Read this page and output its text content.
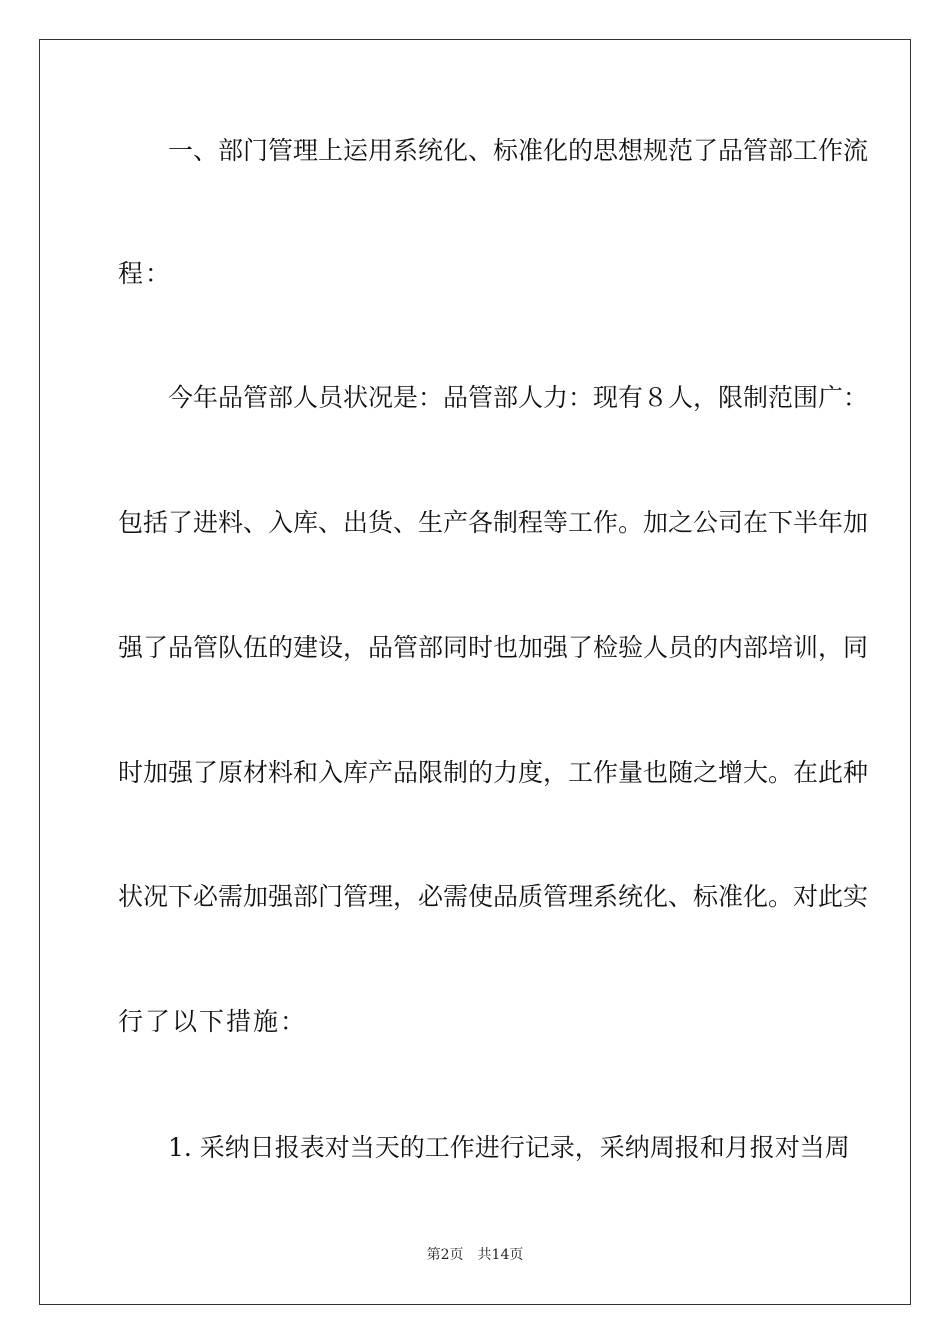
一、部门管理上运用系统化、标准化的思想规范了品管部工作流
程：
今年品管部人员状况是：品管部人力：现有８人，限制范围广：
包括了进料、入库、出货、生产各制程等工作。加之公司在下半年加
强了品管队伍的建设，品管部同时也加强了检验人员的内部培训，同
时加强了原材料和入库产品限制的力度，工作量也随之增大。在此种
状况下必需加强部门管理，必需使品质管理系统化、标准化。对此实
行了以下措施：
1. 采纳日报表对当天的工作进行记录，采纳周报和月报对当周
第2页 共14页
